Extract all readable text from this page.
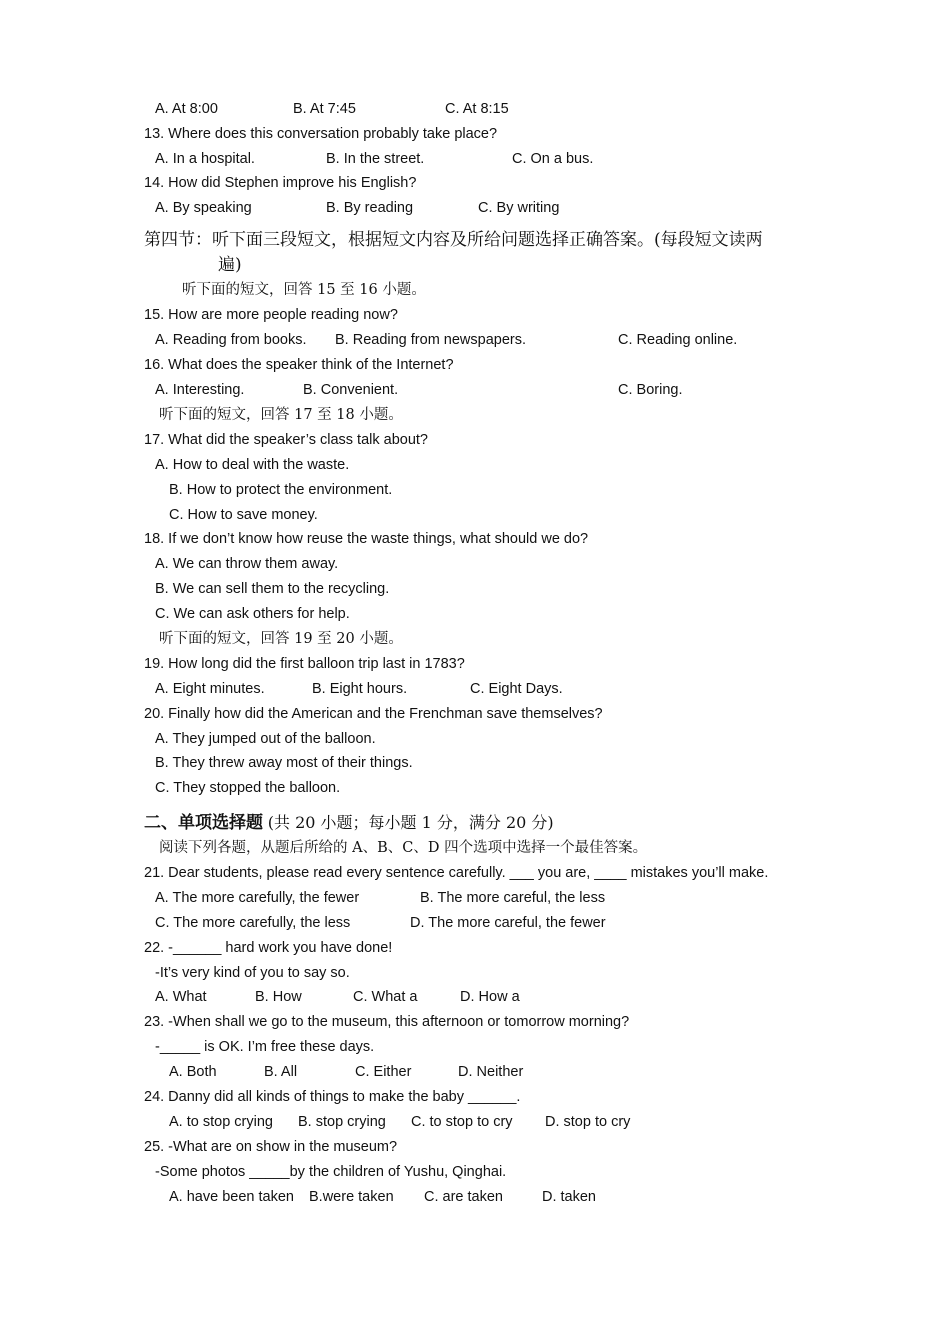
A. At 8:00	B. At 7:45	C. At 8:15
13. Where does this conversation probably take place?
A. In a hospital.	B. In the street.	C. On a bus.
14. How did Stephen improve his English?
A. By speaking	B. By reading	C. By writing
第四节：听下面三段短文，根据短文内容及所给问题选择正确答案。(每段短文读两
遍)
听下面的短文，回答 15 至 16 小题。
15. How are more people reading now?
A. Reading from books. B. Reading from newspapers.	C. Reading online.
16. What does the speaker think of the Internet?
A. Interesting.	B. Convenient.	C. Boring.
听下面的短文，回答 17 至 18 小题。
17. What did the speaker’s class talk about?
A. How to deal with the waste.
B. How to protect the environment.
C. How to save money.
18. If we don’t know how reuse the waste things, what should we do?
A. We can throw them away.
B. We can sell them to the recycling.
C. We can ask others for help.
听下面的短文，回答 19 至 20 小题。
19. How long did the first balloon trip last in 1783?
A. Eight minutes.	B. Eight hours.	C. Eight Days.
20. Finally how did the American and the Frenchman save themselves?
A. They jumped out of the balloon.
B. They threw away most of their things.
C. They stopped the balloon.
二、单项选择题 (共 20 小题；每小题 1 分，满分 20 分)
阅读下列各题，从题后所给的 A、B、C、D 四个选项中选择一个最佳答案。
21. Dear students, please read every sentence carefully. ___ you are, ____ mistakes you’ll make.
A. The more carefully, the fewer	B. The more careful, the less
C. The more carefully, the less	D. The more careful, the fewer
22. -______ hard work you have done!
-It’s very kind of you to say so.
A. What	B. How	C. What a	D. How a
23. -When shall we go to the museum, this afternoon or tomorrow morning?
-_____ is OK. I’m free these days.
A. Both	B. All	C. Either	D. Neither
24. Danny did all kinds of things to make the baby ______.
A. to stop crying B. stop crying C. to stop to cry D. stop to cry
25. -What are on show in the museum?
-Some photos _____by the children of Yushu, Qinghai.
A. have been taken B.were taken C. are taken	D. taken
